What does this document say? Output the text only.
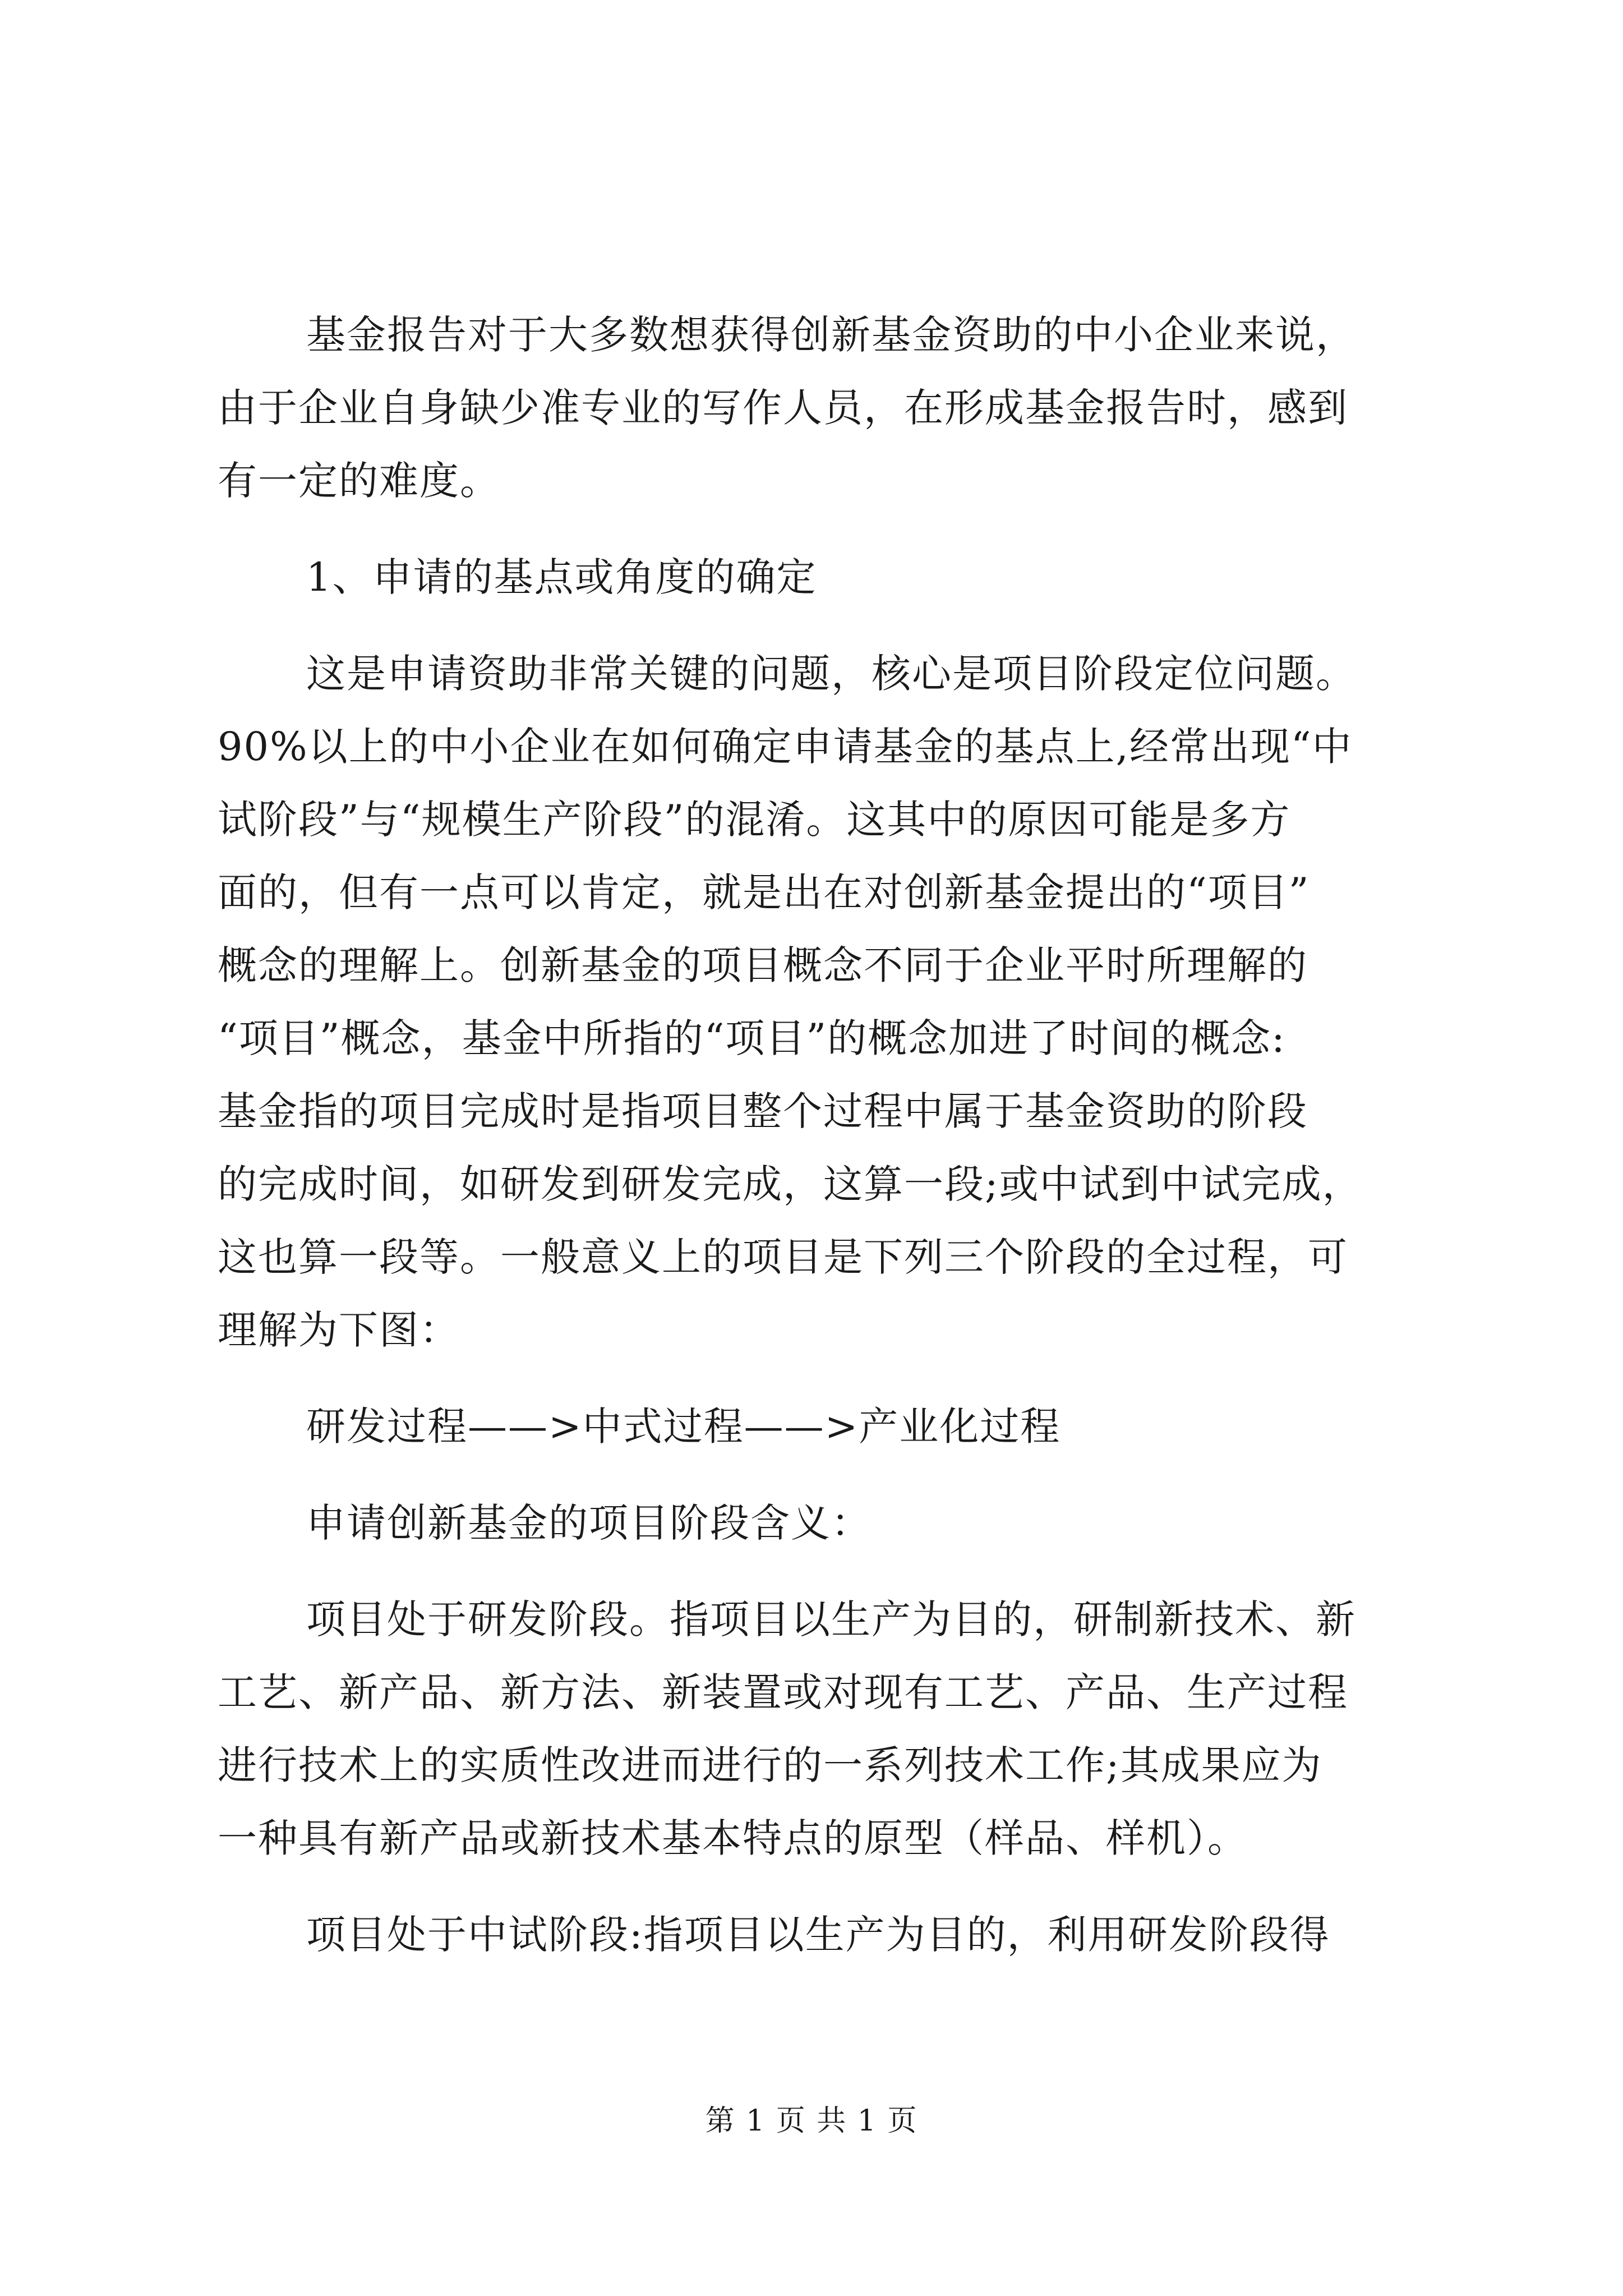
基金报告对于大多数想获得创新基金资助的中小企业来说，
由于企业自身缺少准专业的写作人员，在形成基金报告时，感到
有一定的难度。
1、申请的基点或角度的确定
这是申请资助非常关键的问题，核心是项目阶段定位问题。
90%以上的中小企业在如何确定申请基金的基点上,经常出现“中
试阶段”与“规模生产阶段”的混淆。这其中的原因可能是多方
面的，但有一点可以肯定，就是出在对创新基金提出的“项目”
概念的理解上。创新基金的项目概念不同于企业平时所理解的
“项目”概念，基金中所指的“项目”的概念加进了时间的概念:
基金指的项目完成时是指项目整个过程中属于基金资助的阶段
的完成时间，如研发到研发完成，这算一段;或中试到中试完成，
这也算一段等。一般意义上的项目是下列三个阶段的全过程，可
理解为下图：
研发过程——>中式过程——>产业化过程
申请创新基金的项目阶段含义：
项目处于研发阶段。指项目以生产为目的，研制新技术、新
工艺、新产品、新方法、新装置或对现有工艺、产品、生产过程
进行技术上的实质性改进而进行的一系列技术工作;其成果应为
一种具有新产品或新技术基本特点的原型（样品、样机）。
项目处于中试阶段:指项目以生产为目的，利用研发阶段得
第 1 页 共 1 页
